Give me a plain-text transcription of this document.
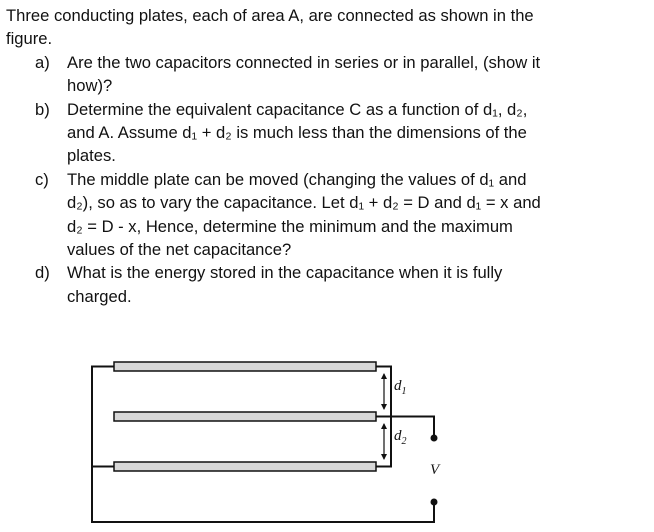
Three conducting plates, each of area A, are connected as shown in the
figure.

a) Are the two capacitors connected in series or in parallel, (show it
how)?
b) Determine the equivalent capacitance C as a function of d₁, d₂,
and A. Assume d₁ + d₂ is much less than the dimensions of the
plates.
c) The middle plate can be moved (changing the values of d₁ and
d₂), so as to vary the capacitance. Let d₁ + d₂ = D and d₁ = x and
d₂ = D - x, Hence, determine the minimum and the maximum
values of the net capacitance?
d) What is the energy stored in the capacitance when it is fully
charged.
$d_1$
$d_2$
V
